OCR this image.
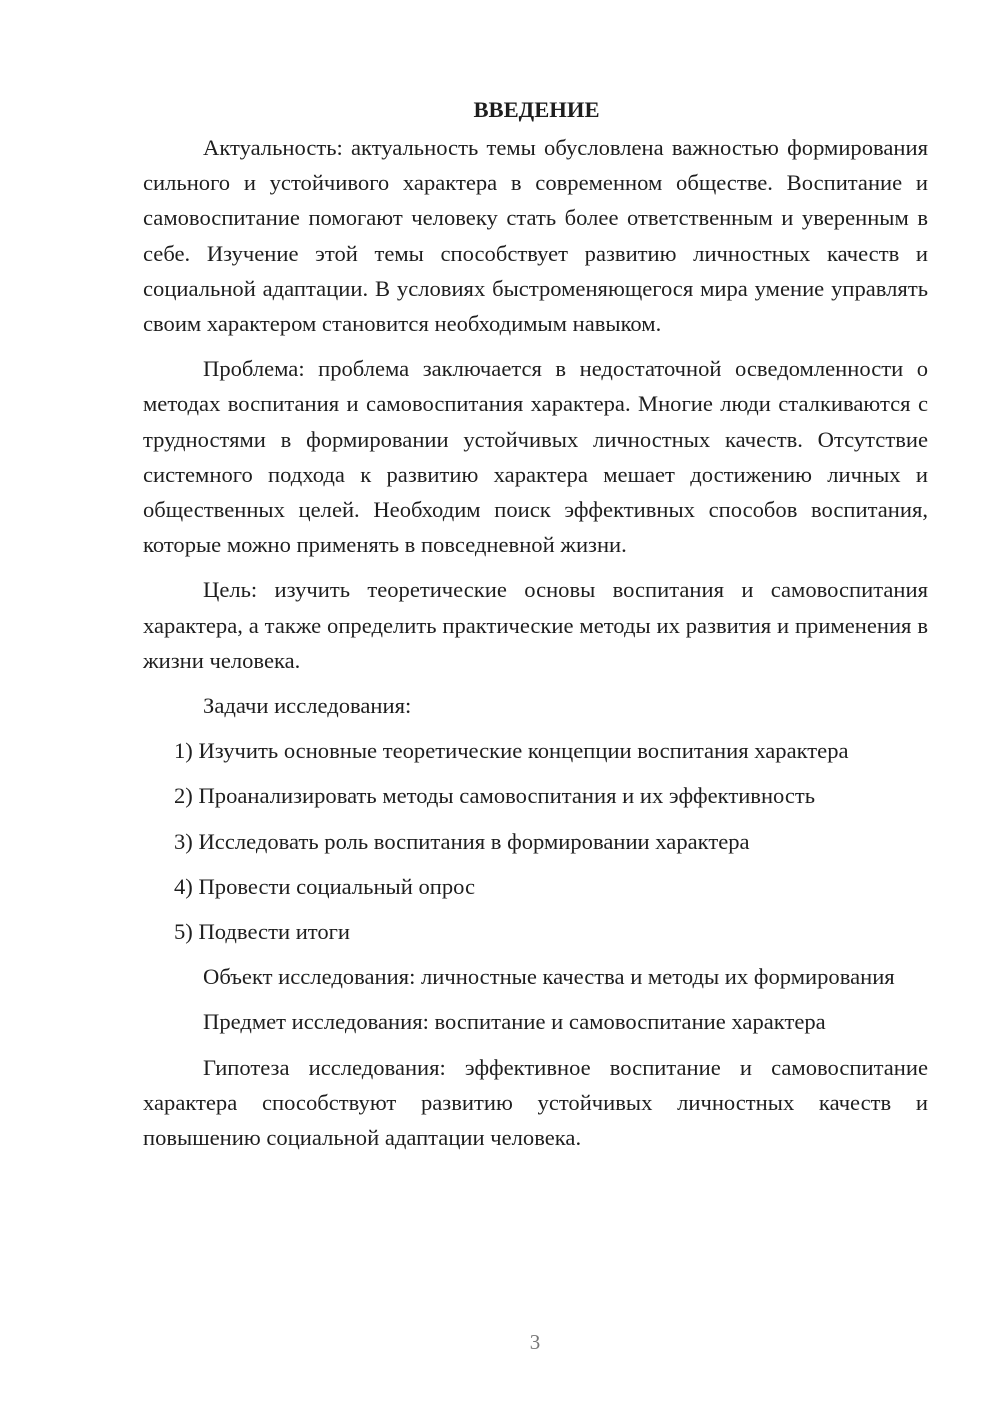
ВВЕДЕНИЕ

Актуальность: актуальность темы обусловлена важностью формирования сильного и устойчивого характера в современном обществе. Воспитание и самовоспитание помогают человеку стать более ответственным и уверенным в себе. Изучение этой темы способствует развитию личностных качеств и социальной адаптации. В условиях быстроменяющегося мира умение управлять своим характером становится необходимым навыком.

Проблема: проблема заключается в недостаточной осведомленности о методах воспитания и самовоспитания характера. Многие люди сталкиваются с трудностями в формировании устойчивых личностных качеств. Отсутствие системного подхода к развитию характера мешает достижению личных и общественных целей. Необходим поиск эффективных способов воспитания, которые можно применять в повседневной жизни.

Цель: изучить теоретические основы воспитания и самовоспитания характера, а также определить практические методы их развития и применения в жизни человека.

Задачи исследования:

1) Изучить основные теоретические концепции воспитания характера

2) Проанализировать методы самовоспитания и их эффективность

3) Исследовать роль воспитания в формировании характера

4) Провести социальный опрос

5) Подвести итоги

Объект исследования: личностные качества и методы их формирования

Предмет исследования: воспитание и самовоспитание характера

Гипотеза исследования: эффективное воспитание и самовоспитание характера способствуют развитию устойчивых личностных качеств и повышению социальной адаптации человека.

3
